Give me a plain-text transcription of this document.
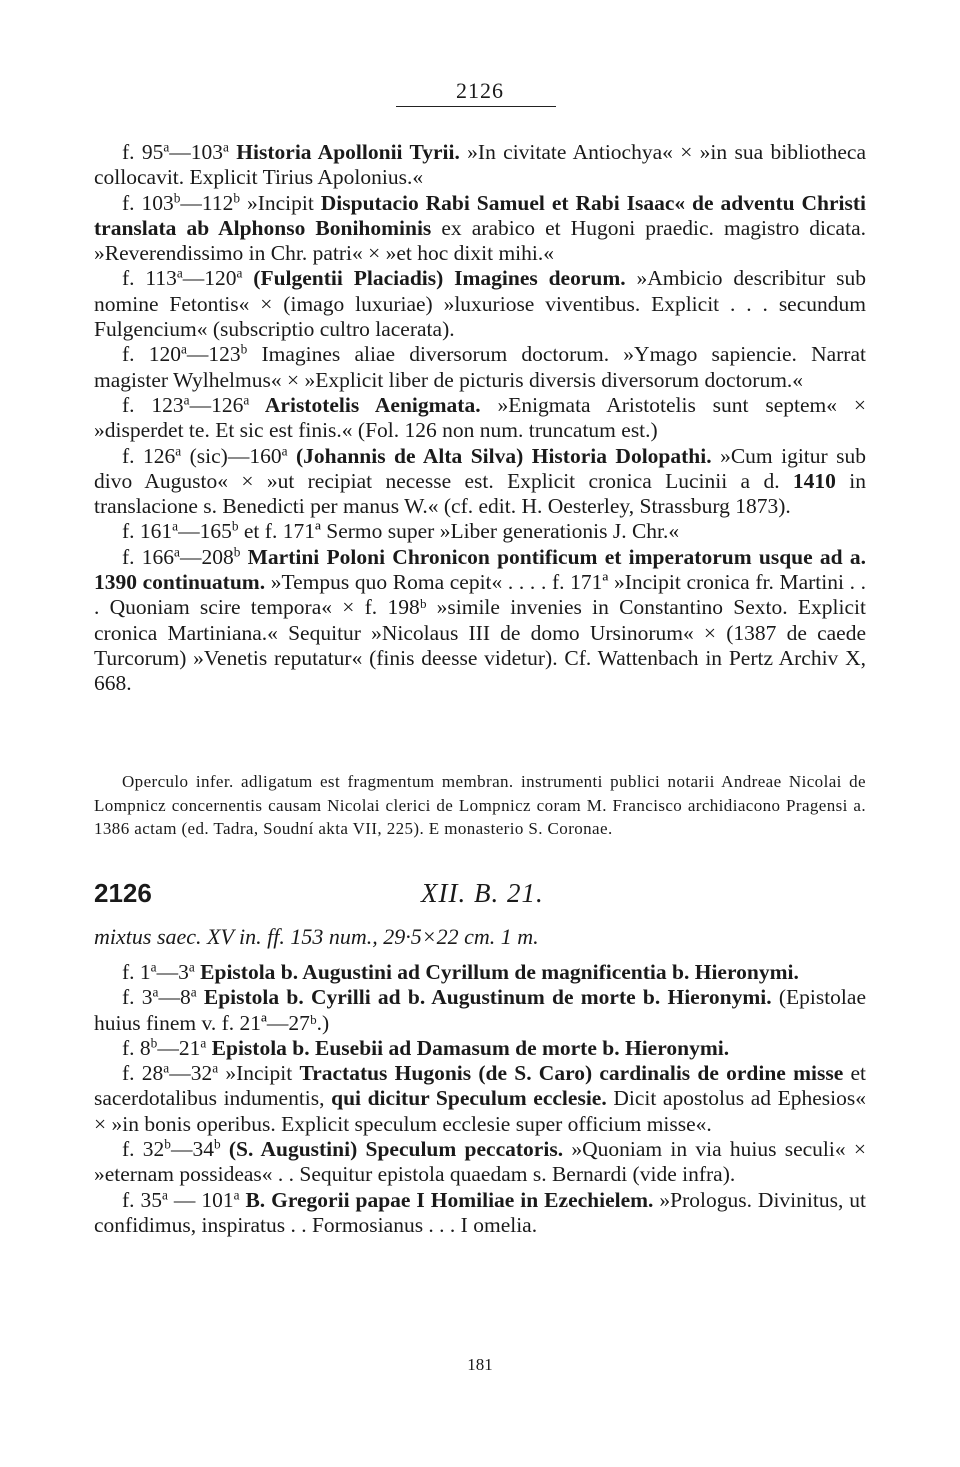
2126

f. 95$^a$—103$^a$ Historia Apollonii Tyrii. »In civitate Antiochya« × »in sua bibliotheca collocavit. Explicit Tirius Apolonius.«

f. 103$^b$—112$^b$ »Incipit Disputacio Rabi Samuel et Rabi Isaac« de adventu Christi translata ab Alphonso Bonihominis ex arabico et Hugoni praedic. magistro dicata. »Reverendissimo in Chr. patri« × »et hoc dixit mihi.«

f. 113$^a$—120$^a$ (Fulgentii Placiadis) Imagines deorum. »Ambicio describitur sub nomine Fetontis« × (imago luxuriae) »luxuriose viventibus. Explicit . . . secundum Fulgencium« (subscriptio cultro lacerata).

f. 120$^a$—123$^b$ Imagines aliae diversorum doctorum. »Ymago sapiencie. Narrat magister Wylhelmus« × »Explicit liber de picturis diversis diversorum doctorum.«

f. 123$^a$—126$^a$ Aristotelis Aenigmata. »Enigmata Aristotelis sunt septem« × »disperdet te. Et sic est finis.« (Fol. 126 non num. truncatum est.)

f. 126$^a$ (sic)—160$^a$ (Johannis de Alta Silva) Historia Dolopathi. »Cum igitur sub divo Augusto« × »ut recipiat necesse est. Explicit cronica Lucinii a d. 1410 in translacione s. Benedicti per manus W.« (cf. edit. H. Oesterley, Strassburg 1873).

f. 161$^a$—165$^b$ et f. 171ª Sermo super »Liber generationis J. Chr.«

f. 166$^a$—208$^b$ Martini Poloni Chronicon pontificum et imperatorum usque ad a. 1390 continuatum. »Tempus quo Roma cepit« . . . . f. 171ª »Incipit cronica fr. Martini . . . Quoniam scire tempora« × f. 198ᵇ »simile invenies in Constantino Sexto. Explicit cronica Martiniana.« Sequitur »Nicolaus III de domo Ursinorum« × (1387 de caede Turcorum) »Venetis reputatur« (finis deesse videtur). Cf. Wattenbach in Pertz Archiv X, 668.

Operculo infer. adligatum est fragmentum membran. instrumenti publici notarii Andreae Nicolai de Lompnicz concernentis causam Nicolai clerici de Lompnicz coram M. Francisco archidiacono Pragensi a. 1386 actam (ed. Tadra, Soudní akta VII, 225). E monasterio S. Coronae.
2126	XII. B. 21.
mixtus saec. XV in. ff. 153 num., 29·5×22 cm. 1 m.

f. 1$^a$—3$^a$ Epistola b. Augustini ad Cyrillum de magnificentia b. Hieronymi.

f. 3$^a$—8$^a$ Epistola b. Cyrilli ad b. Augustinum de morte b. Hieronymi. (Epistolae huius finem v. f. 21ª—27ᵇ.)

f. 8$^b$—21$^a$ Epistola b. Eusebii ad Damasum de morte b. Hieronymi.

f. 28$^a$—32$^a$ »Incipit Tractatus Hugonis (de S. Caro) cardinalis de ordine misse et sacerdotalibus indumentis, qui dicitur Speculum ecclesie. Dicit apostolus ad Ephesios« × »in bonis operibus. Explicit speculum ecclesie super officium misse«.

f. 32$^b$—34$^b$ (S. Augustini) Speculum peccatoris. »Quoniam in via huius seculi« × »eternam possideas« . . Sequitur epistola quaedam s. Bernardi (vide infra).

f. 35$^a$ — 101$^a$ B. Gregorii papae I Homiliae in Ezechielem. »Prologus. Divinitus, ut confidimus, inspiratus . . Formosianus . . . I omelia.

181
